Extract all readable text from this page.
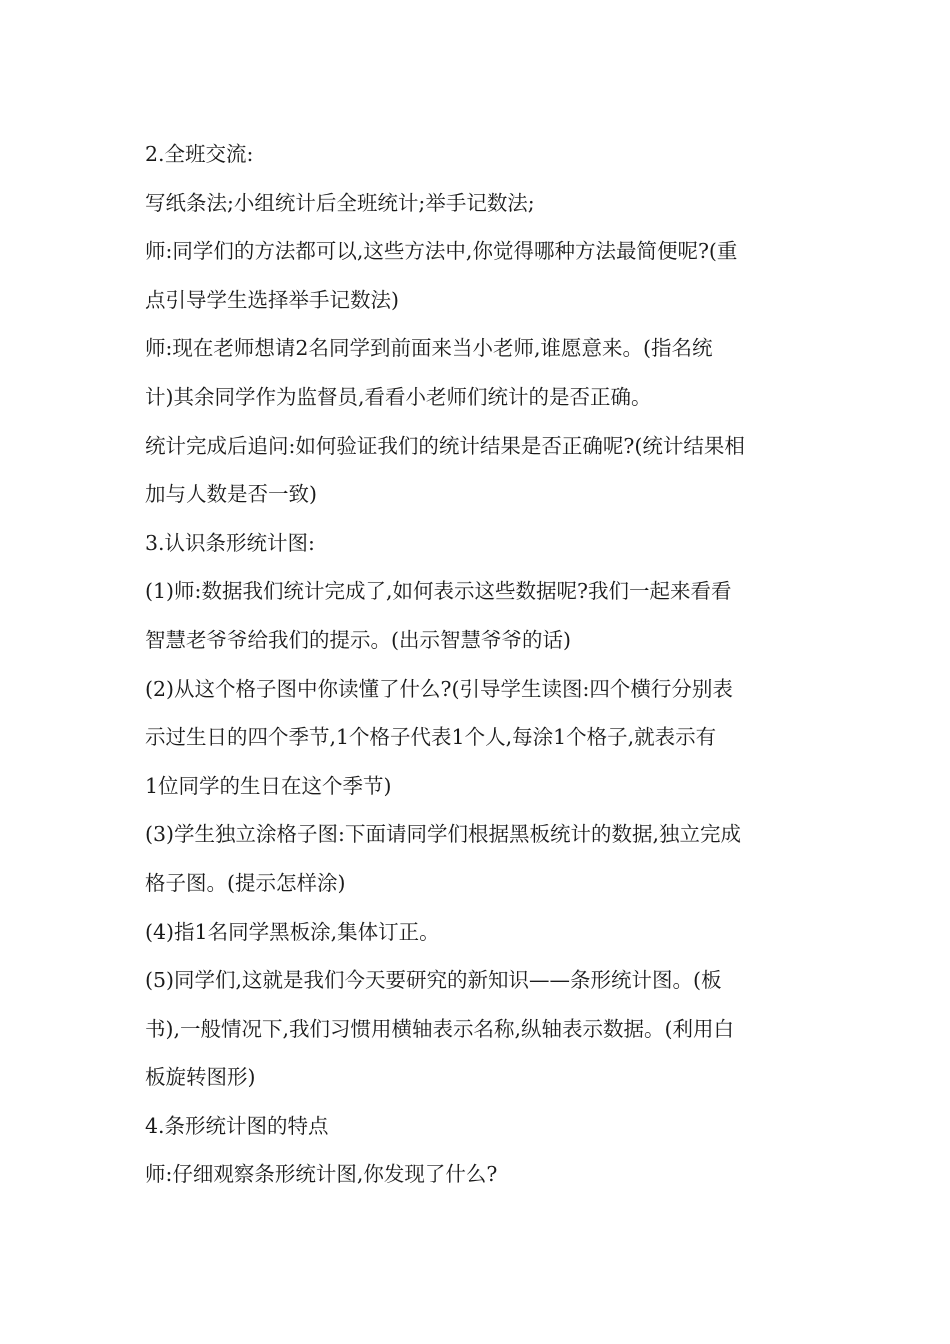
2.全班交流:
写纸条法;小组统计后全班统计;举手记数法;
师:同学们的方法都可以,这些方法中,你觉得哪种方法最简便呢?(重
点引导学生选择举手记数法)
师:现在老师想请2名同学到前面来当小老师,谁愿意来。(指名统
计)其余同学作为监督员,看看小老师们统计的是否正确。
统计完成后追问:如何验证我们的统计结果是否正确呢?(统计结果相
加与人数是否一致)
3.认识条形统计图:
(1)师:数据我们统计完成了,如何表示这些数据呢?我们一起来看看
智慧老爷爷给我们的提示。(出示智慧爷爷的话)
(2)从这个格子图中你读懂了什么?(引导学生读图:四个横行分别表
示过生日的四个季节,1个格子代表1个人,每涂1个格子,就表示有
1位同学的生日在这个季节)
(3)学生独立涂格子图:下面请同学们根据黑板统计的数据,独立完成
格子图。(提示怎样涂)
(4)指1名同学黑板涂,集体订正。
(5)同学们,这就是我们今天要研究的新知识——条形统计图。(板
书),一般情况下,我们习惯用横轴表示名称,纵轴表示数据。(利用白
板旋转图形)
4.条形统计图的特点
师:仔细观察条形统计图,你发现了什么?
